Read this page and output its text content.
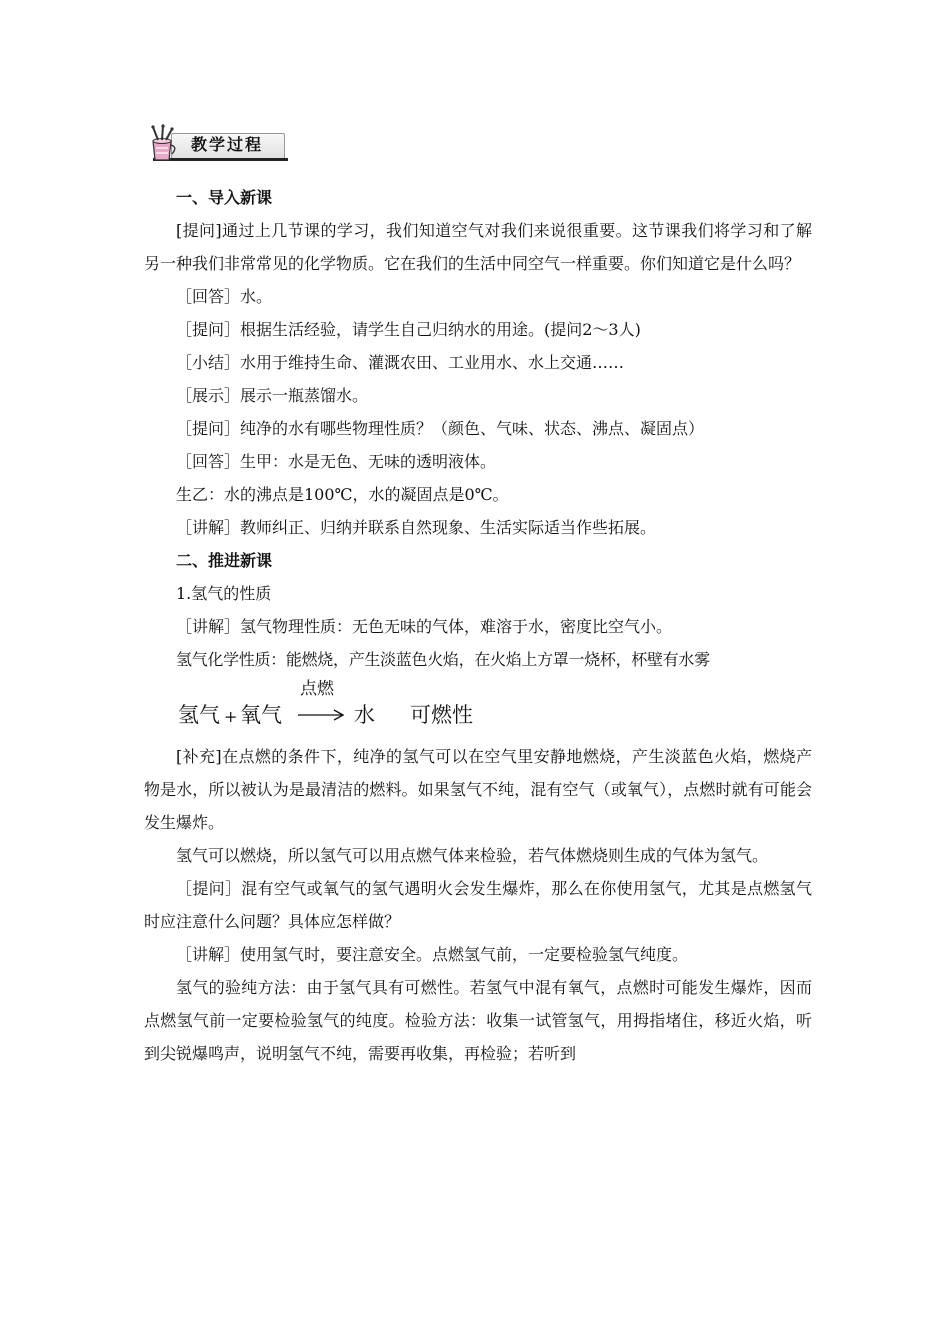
教学过程

一、导入新课

[提问]通过上几节课的学习，我们知道空气对我们来说很重要。这节课我们将学习和了解另一种我们非常常见的化学物质。它在我们的生活中同空气一样重要。你们知道它是什么吗？

［回答］水。

［提问］根据生活经验，请学生自己归纳水的用途。(提问2～3人)

［小结］水用于维持生命、灌溉农田、工业用水、水上交通……

［展示］展示一瓶蒸馏水。

［提问］纯净的水有哪些物理性质？（颜色、气味、状态、沸点、凝固点）

［回答］生甲：水是无色、无味的透明液体。

生乙：水的沸点是100℃，水的凝固点是0℃。

［讲解］教师纠正、归纳并联系自然现象、生活实际适当作些拓展。

二、推进新课

1.氢气的性质

［讲解］氢气物理性质：无色无味的气体，难溶于水，密度比空气小。

氢气化学性质：能燃烧，产生淡蓝色火焰，在火焰上方罩一烧杯，杯壁有水雾

氢气 + 氧气
点燃
→ 水 可燃性

[补充]在点燃的条件下，纯净的氢气可以在空气里安静地燃烧，产生淡蓝色火焰，燃烧产物是水，所以被认为是最清洁的燃料。如果氢气不纯，混有空气（或氧气），点燃时就有可能会发生爆炸。

氢气可以燃烧，所以氢气可以用点燃气体来检验，若气体燃烧则生成的气体为氢气。

［提问］混有空气或氧气的氢气遇明火会发生爆炸，那么在你使用氢气，尤其是点燃氢气时应注意什么问题？具体应怎样做？

［讲解］使用氢气时，要注意安全。点燃氢气前，一定要检验氢气纯度。

氢气的验纯方法：由于氢气具有可燃性。若氢气中混有氧气，点燃时可能发生爆炸，因而点燃氢气前一定要检验氢气的纯度。检验方法：收集一试管氢气，用拇指堵住，移近火焰，听到尖锐爆鸣声，说明氢气不纯，需要再收集，再检验；若听到
